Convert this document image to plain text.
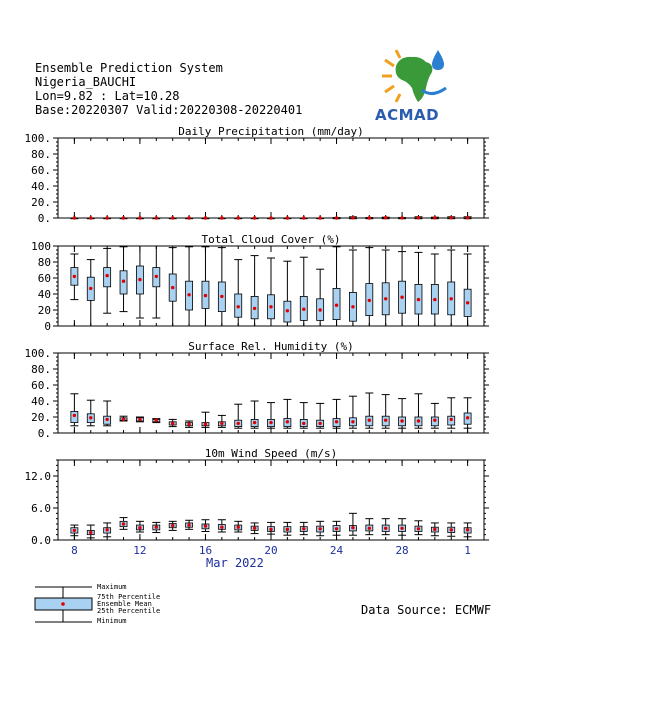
Ensemble Prediction System
Nigeria_BAUCHI
Lon=9.82 : Lat=10.28
Base:20220307 Valid:20220308-20220401	ACMAD
Daily Precipitation (mm/day)
0.
20.
40.
60.
80.
100.
Total Cloud Cover (%)
0
20
40
60
80
100
Surface Rel. Humidity (%)
0.
20.
40.
60.
80.
100.
10m Wind Speed (m/s)
0.0
6.0
12.0
8	12	16	20	24	28	1
Mar 2022
Maximum
75th Percentile
Ensemble Mean
25th Percentile
Minimum
Data Source: ECMWF
